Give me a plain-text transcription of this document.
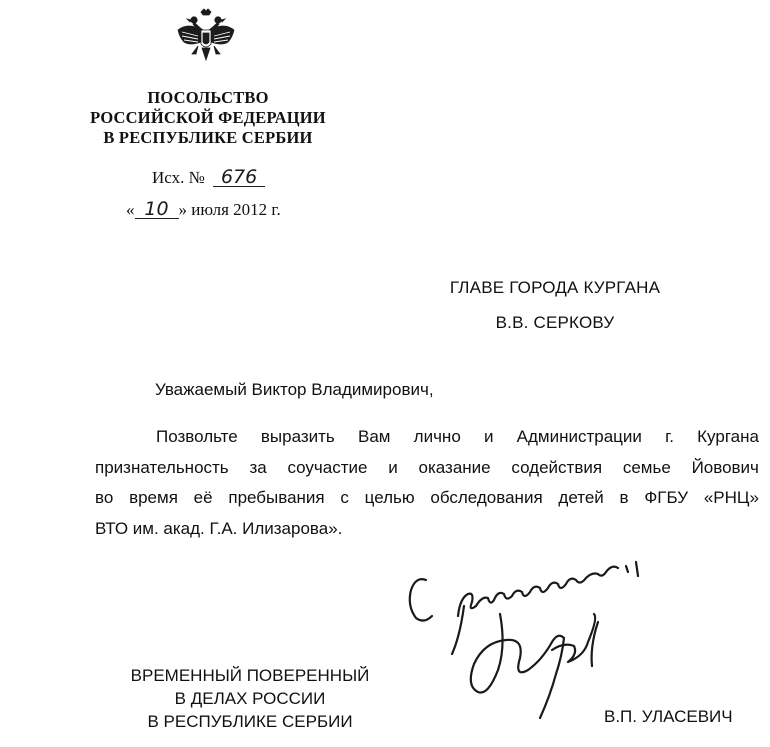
ПОСОЛЬСТВО
РОССИЙСКОЙ ФЕДЕРАЦИИ
В РЕСПУБЛИКЕ СЕРБИИ
Исх. № 676
« 10 » июля 2012 г.
ГЛАВЕ ГОРОДА КУРГАНА
В.В. СЕРКОВУ
Уважаемый Виктор Владимирович,
Позвольте выразить Вам лично и Администрации г. Кургана
признательность за соучастие и оказание содействия семье Йовович
во время её пребывания с целью обследования детей в ФГБУ «РНЦ»
ВТО им. акад. Г.А. Илизарова».
ВРЕМЕННЫЙ ПОВЕРЕННЫЙ
В ДЕЛАХ РОССИИ
В РЕСПУБЛИКЕ СЕРБИИ	В.П. УЛАСЕВИЧ
